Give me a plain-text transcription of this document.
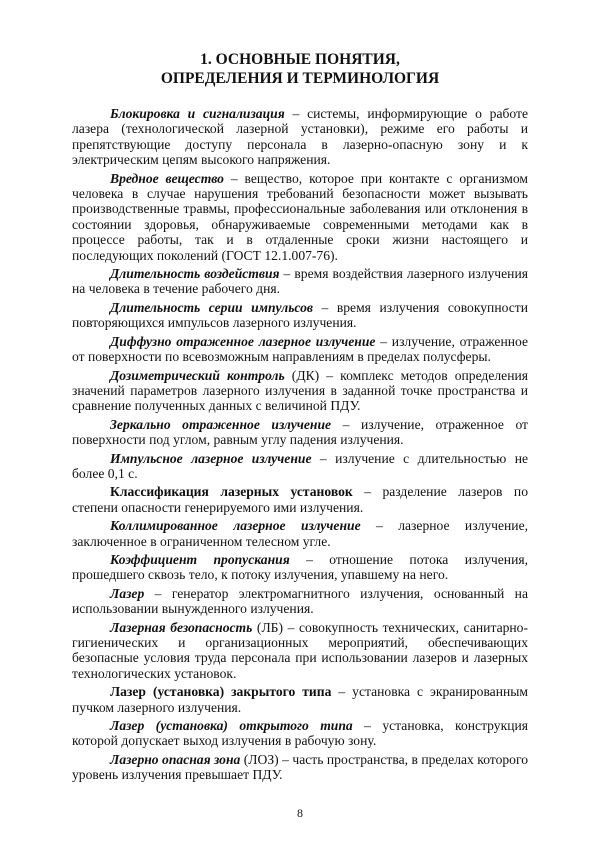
1. ОСНОВНЫЕ ПОНЯТИЯ,
ОПРЕДЕЛЕНИЯ И ТЕРМИНОЛОГИЯ

Блокировка и сигнализация – системы, информирующие о работе лазера (технологической лазерной установки), режиме его работы и препятствующие доступу персонала в лазерно-опасную зону и к электрическим цепям высокого напряжения.

Вредное вещество – вещество, которое при контакте с организмом человека в случае нарушения требований безопасности может вызывать производственные травмы, профессиональные заболевания или отклонения в состоянии здоровья, обнаруживаемые современными методами как в процессе работы, так и в отдаленные сроки жизни настоящего и последующих поколений (ГОСТ 12.1.007-76).

Длительность воздействия – время воздействия лазерного излучения на человека в течение рабочего дня.

Длительность серии импульсов – время излучения совокупности повторяющихся импульсов лазерного излучения.

Диффузно отраженное лазерное излучение – излучение, отраженное от поверхности по всевозможным направлениям в пределах полусферы.

Дозиметрический контроль (ДК) – комплекс методов определения значений параметров лазерного излучения в заданной точке пространства и сравнение полученных данных с величиной ПДУ.

Зеркально отраженное излучение – излучение, отраженное от поверхности под углом, равным углу падения излучения.

Импульсное лазерное излучение – излучение с длительностью не более 0,1 с.

Классификация лазерных установок – разделение лазеров по степени опасности генерируемого ими излучения.

Коллимированное лазерное излучение – лазерное излучение, заключенное в ограниченном телесном угле.

Коэффициент пропускания – отношение потока излучения, прошедшего сквозь тело, к потоку излучения, упавшему на него.

Лазер – генератор электромагнитного излучения, основанный на использовании вынужденного излучения.

Лазерная безопасность (ЛБ) – совокупность технических, санитарно-гигиенических и организационных мероприятий, обеспечивающих безопасные условия труда персонала при использовании лазеров и лазерных технологических установок.

Лазер (установка) закрытого типа – установка с экранированным пучком лазерного излучения.

Лазер (установка) открытого типа – установка, конструкция которой допускает выход излучения в рабочую зону.

Лазерно опасная зона (ЛОЗ) – часть пространства, в пределах которого уровень излучения превышает ПДУ.

8
